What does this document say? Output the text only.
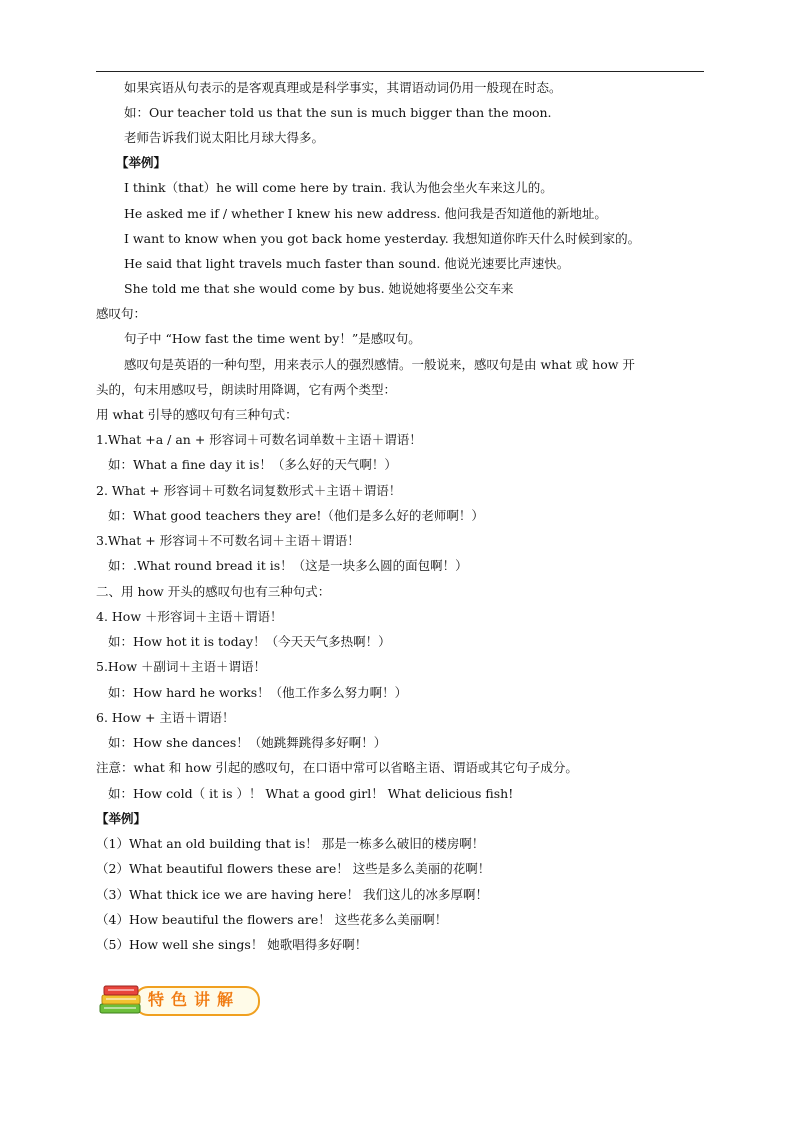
如果宾语从句表示的是客观真理或是科学事实，其谓语动词仍用一般现在时态。
如：Our teacher told us that the sun is much bigger than the moon.
老师告诉我们说太阳比月球大得多。
【举例】
I think（that）he will come here by train. 我认为他会坐火车来这儿的。
He asked me if / whether I knew his new address. 他问我是否知道他的新地址。
I want to know when you got back home yesterday. 我想知道你昨天什么时候到家的。
He said that light travels much faster than sound. 他说光速要比声速快。
She told me that she would come by bus. 她说她将要坐公交车来
感叹句：
句子中 “How fast the time went by！”是感叹句。
感叹句是英语的一种句型，用来表示人的强烈感情。一般说来，感叹句是由 what 或 how 开
头的，句末用感叹号，朗读时用降调，它有两个类型：
用 what 引导的感叹句有三种句式：
1.What +a / an + 形容词＋可数名词单数＋主语＋谓语！
如：What a fine day it is！（多么好的天气啊！）
2. What + 形容词＋可数名词复数形式＋主语＋谓语！
如：What good teachers they are!（他们是多么好的老师啊！）
3.What + 形容词＋不可数名词＋主语＋谓语！
如：.What round bread it is！（这是一块多么圆的面包啊！）
二、用 how 开头的感叹句也有三种句式：
4. How ＋形容词＋主语＋谓语！
如：How hot it is today！（今天天气多热啊！）
5.How ＋副词＋主语＋谓语！
如：How hard he works！（他工作多么努力啊！）
6. How + 主语＋谓语！
如：How she dances！（她跳舞跳得多好啊！）
注意：what 和 how 引起的感叹句，在口语中常可以省略主语、谓语或其它句子成分。
如：How cold（ it is ）！ What a good girl！ What delicious fish!
【举例】
（1）What an old building that is！ 那是一栋多么破旧的楼房啊！
（2）What beautiful flowers these are！ 这些是多么美丽的花啊！
（3）What thick ice we are having here！ 我们这儿的冰多厚啊！
（4）How beautiful the flowers are！ 这些花多么美丽啊！
（5）How well she sings！ 她歌唱得多好啊！
特色讲解
